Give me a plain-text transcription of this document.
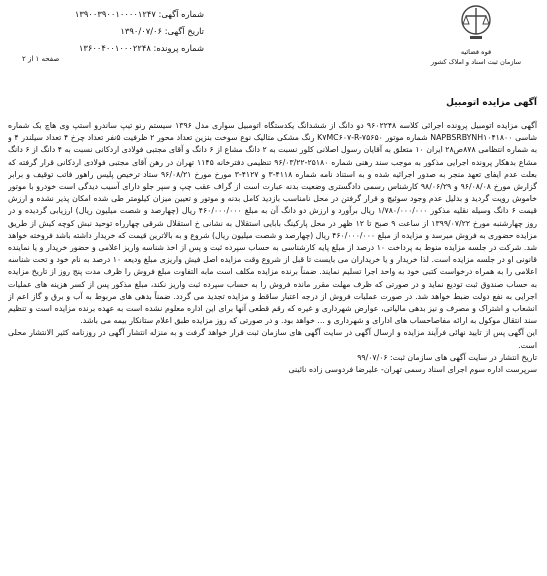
شماره آگهی: ۱۳۹۰۰۳۹۰۰۱۰۰۰۰۱۲۴۷
تاریخ آگهی: ۱۳۹۰/۰۷/۰۶
شماره پرونده: ۱۳۶۰۰۴۰۰۱۰۰۰۲۲۴۸
صفحه ۱ از ۲
قوه قضائیه
سازمان ثبت اسناد و املاک کشور
آگهی مزایده اتومبیل

آگهی مزایده اتومبیل پرونده اجرائی کلاسه ۹۶۰۲۲۴۸ دو دانگ از ششدانگ یکدستگاه اتومبیل سواری مدل ۱۳۹۶ سیستم رنو تیپ ساندرو استپ وی هاچ بک شماره شاسی NAPBSRBYNH۱۰۴۱۸۰۰ شماره موتور K۷MC۶۰۷-R-۷۵۶۵۰ رنگ مشکی متالیک نوع سوخت بنزین تعداد محور ۲ ظرفیت ۵نفر تعداد چرخ ۴ تعداد سیلندر ۴ و به شماره انتظامی ۸۷۸ص۲۸ ایران ۱۰ متعلق به آقایان رسول اصلانی کلور نسبت به ۲ دانگ مشاع از ۶ دانگ و آقای مجتبی فولادی اردکانی نسبت به ۴ دانگ از ۶ دانگ مشاع بدهکار پرونده اجرایی مذکور به موجب سند رهنی شماره ۲۵۱۸۰-۹۶/۰۳/۲۲ تنظیمی دفترخانه ۱۱۴۵ تهران در رهن آقای مجتبی فولادی اردکانی قرار گرفته که بعلت عدم ایفای تعهد منجر به صدور اجرائیه شده و به استناد نامه شماره ۴۱۱۸-۳ و ۴۱۲۷-۳ مورخ مورخ ۹۶/۰۸/۲۱ ستاد ترخیص پلیس راهور فاتب توقیف و برابر گزارش مورخ ۹۶/۰۸/۰۸ و ۹۸/۰۶/۲۹ کارشناس رسمی دادگستری وضعیت بدنه عبارت است از گراف عقب چپ و سپر جلو دارای آسیب دیدگی است خودرو با موتور خاموش رویت گردید و بدلیل عدم وجود سوئیچ و قرار گرفتن در محل نامناسب بازدید کامل بدنه و موتور و تعیین میزان کیلومتر طی شده امکان پذیر نشده و ارزش قیمت ۶ دانگ وسیله نقلیه مذکور ۱/۷۸۰/۰۰۰/۰۰۰ ریال برآورد و ارزش دو دانگ آن به مبلغ ۴۶۰/۰۰۰/۰۰۰ ریال (چهارصد و شصت میلیون ریال) ارزیابی گردیده و در روز چهارشنبه مورخ ۱۳۹۹/۰۷/۲۲ از ساعت ۹ صبح تا ۱۲ ظهر در محل پارکینگ بابایی استقلال به نشانی خ استقلال شرقی چهارراه توحید نبش کوچه کیش از طریق مزایده حضوری به فروش میرسد و مزایده از مبلغ ۴۶۰/۰۰۰/۰۰۰ ریال (چهارصد و شصت میلیون ریال) شروع و به بالاترین قیمت که خریدار داشته باشد فروخته خواهد شد. شرکت در جلسه مزایده منوط به پرداخت ۱۰ درصد از مبلغ پایه کارشناسی به حساب سپرده ثبت و پس از اخذ شناسه واریز اعلامی و حضور خریدار و یا نماینده قانونی او در جلسه مزایده است. لذا خریدار و یا خریداران می بایست تا قبل از شروع وقت مزایده اصل فیش واریزی مبلغ ودیعه ۱۰ درصد به نام خود و تحت شناسه اعلامی را به همراه درخواست کتبی خود به واحد اجرا تسلیم نمایند. ضمناً برنده مزایده مکلف است مابه التفاوت مبلغ فروش را ظرف مدت پنج روز از تاریخ مزایده به حساب صندوق ثبت تودیع نماید و در صورتی که ظرف مهلت مقرر مانده فروش را به حساب سپرده ثبت واریز نکند، مبلغ مذکور پس از کسر هزینه های عملیات اجرایی به نفع دولت ضبط خواهد شد. در صورت عملیات فروش از درجه اعتبار ساقط و مزایده تجدید می گردد. ضمناً بدهی های مربوط به آب و برق و گاز اعم از انشعاب و اشتراک و مصرف و نیز بدهی مالیاتی، عوارض شهرداری و غیره که رقم قطعی آنها برای این اداره معلوم نشده است به عهده برنده مزایده است و تنظیم سند انتقال موکول به ارائه مفاصاحساب های ادارای و شهرداری و ... خواهد بود. و در صورتی که روز مزایده طبق اعلام ستانکار بیمه می باشد.

این آگهی پس از تایید نهائی فرآیند مزایده و ارسال آگهی در سایت آگهی های سازمان ثبت قرار خواهد گرفت و به منزله انتشار آگهی در روزنامه کثیر الانتشار محلی است.

تاریخ انتشار در سایت آگهی های سازمان ثبت: ۹۹/۰۷/۰۶

سرپرست اداره سوم اجرای اسناد رسمی تهران- علیرضا فردوسی زاده نائینی
